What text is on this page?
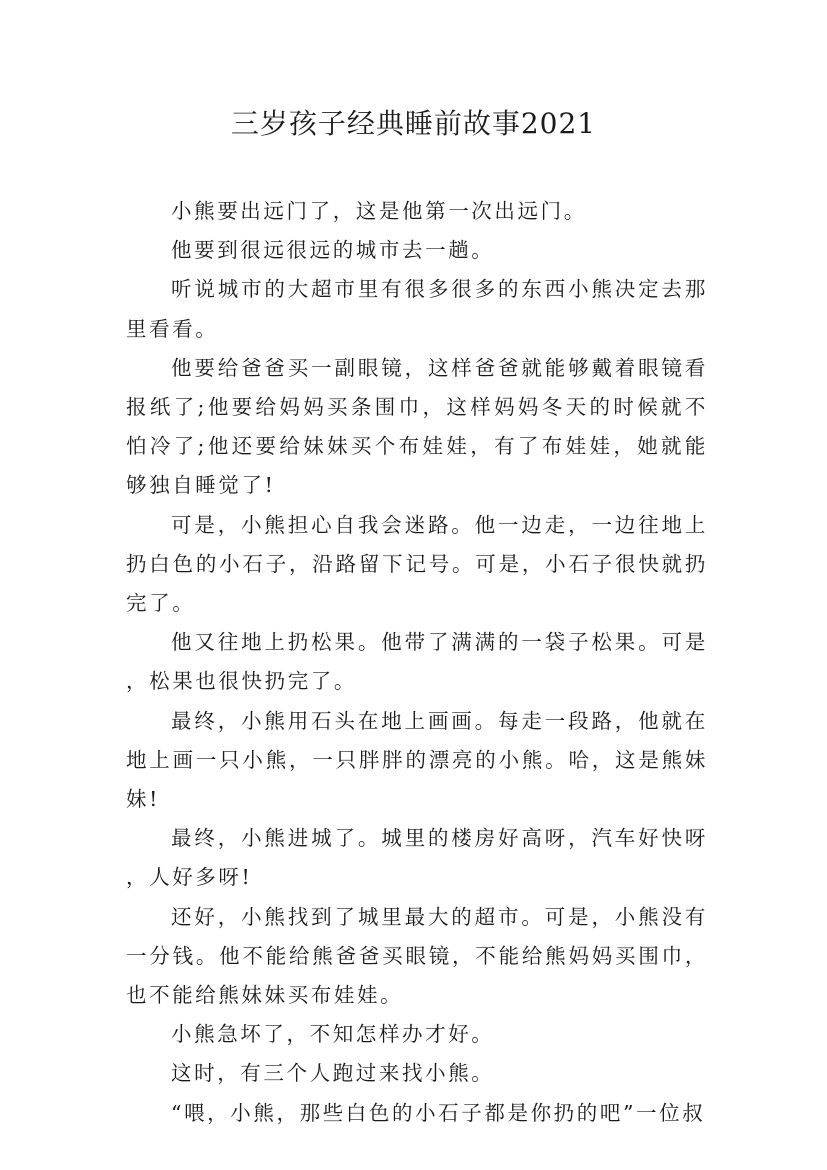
三岁孩子经典睡前故事2021

小熊要出远门了，这是他第一次出远门。

他要到很远很远的城市去一趟。

听说城市的大超市里有很多很多的东西小熊决定去那里看看。

他要给爸爸买一副眼镜，这样爸爸就能够戴着眼镜看报纸了;他要给妈妈买条围巾，这样妈妈冬天的时候就不怕冷了;他还要给妹妹买个布娃娃，有了布娃娃，她就能够独自睡觉了!

可是，小熊担心自我会迷路。他一边走，一边往地上扔白色的小石子，沿路留下记号。可是，小石子很快就扔完了。

他又往地上扔松果。他带了满满的一袋子松果。可是，松果也很快扔完了。

最终，小熊用石头在地上画画。每走一段路，他就在地上画一只小熊，一只胖胖的漂亮的小熊。哈，这是熊妹妹!

最终，小熊进城了。城里的楼房好高呀，汽车好快呀，人好多呀!

还好，小熊找到了城里最大的超市。可是，小熊没有一分钱。他不能给熊爸爸买眼镜，不能给熊妈妈买围巾，也不能给熊妹妹买布娃娃。

小熊急坏了，不知怎样办才好。

这时，有三个人跑过来找小熊。

“喂，小熊，那些白色的小石子都是你扔的吧”一位叔
